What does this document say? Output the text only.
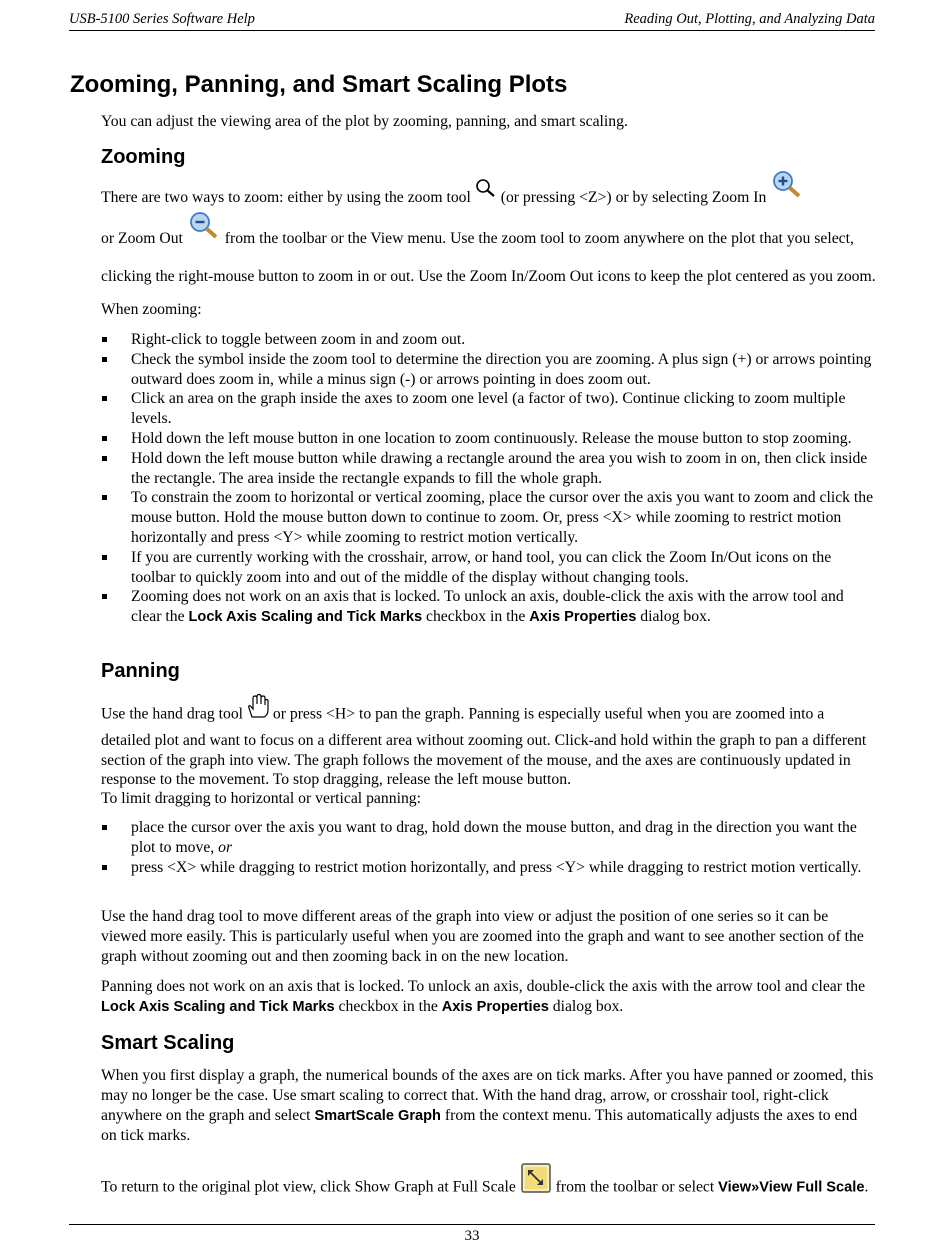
USB-5100 Series Software Help	Reading Out, Plotting, and Analyzing Data
Zooming, Panning, and Smart Scaling Plots

You can adjust the viewing area of the plot by zooming, panning, and smart scaling.

Zooming

There are two ways to zoom: either by using the zoom tool (or pressing <Z>) or by selecting Zoom In
or Zoom Out	from the toolbar or the View menu. Use the zoom tool to zoom anywhere on the plot that you select, clicking the right-mouse button to zoom in or out. Use the Zoom In/Zoom Out icons to keep the plot centered as you zoom.

When zooming:

Right-click to toggle between zoom in and zoom out.
Check the symbol inside the zoom tool to determine the direction you are zooming. A plus sign (+) or arrows pointing outward does zoom in, while a minus sign (-) or arrows pointing in does zoom out.
Click an area on the graph inside the axes to zoom one level (a factor of two). Continue clicking to zoom multiple levels.
Hold down the left mouse button in one location to zoom continuously. Release the mouse button to stop zooming.
Hold down the left mouse button while drawing a rectangle around the area you wish to zoom in on, then click inside the rectangle. The area inside the rectangle expands to fill the whole graph.
To constrain the zoom to horizontal or vertical zooming, place the cursor over the axis you want to zoom and click the mouse button. Hold the mouse button down to continue to zoom. Or, press <X> while zooming to restrict motion horizontally and press <Y> while zooming to restrict motion vertically.
If you are currently working with the crosshair, arrow, or hand tool, you can click the Zoom In/Out icons on the toolbar to quickly zoom into and out of the middle of the display without changing tools.
Zooming does not work on an axis that is locked. To unlock an axis, double-click the axis with the arrow tool and clear the Lock Axis Scaling and Tick Marks checkbox in the Axis Properties dialog box.
Panning

Use the hand drag tool or press <H> to pan the graph. Panning is especially useful when you are zoomed into a detailed plot and want to focus on a different area without zooming out. Click-and hold within the graph to pan a different section of the graph into view. The graph follows the movement of the mouse, and the axes are continuously updated in response to the movement. To stop dragging, release the left mouse button.

To limit dragging to horizontal or vertical panning:

place the cursor over the axis you want to drag, hold down the mouse button, and drag in the direction you want the plot to move, or
press <X> while dragging to restrict motion horizontally, and press <Y> while dragging to restrict motion vertically.

Use the hand drag tool to move different areas of the graph into view or adjust the position of one series so it can be viewed more easily. This is particularly useful when you are zoomed into the graph and want to see another section of the graph without zooming out and then zooming back in on the new location.

Panning does not work on an axis that is locked. To unlock an axis, double-click the axis with the arrow tool and clear the Lock Axis Scaling and Tick Marks checkbox in the Axis Properties dialog box.

Smart Scaling

When you first display a graph, the numerical bounds of the axes are on tick marks. After you have panned or zoomed, this may no longer be the case. Use smart scaling to correct that. With the hand drag, arrow, or crosshair tool, right-click anywhere on the graph and select SmartScale Graph from the context menu. This automatically adjusts the axes to end on tick marks.

To return to the original plot view, click Show Graph at Full Scale	from the toolbar or select View»View Full Scale.

33
